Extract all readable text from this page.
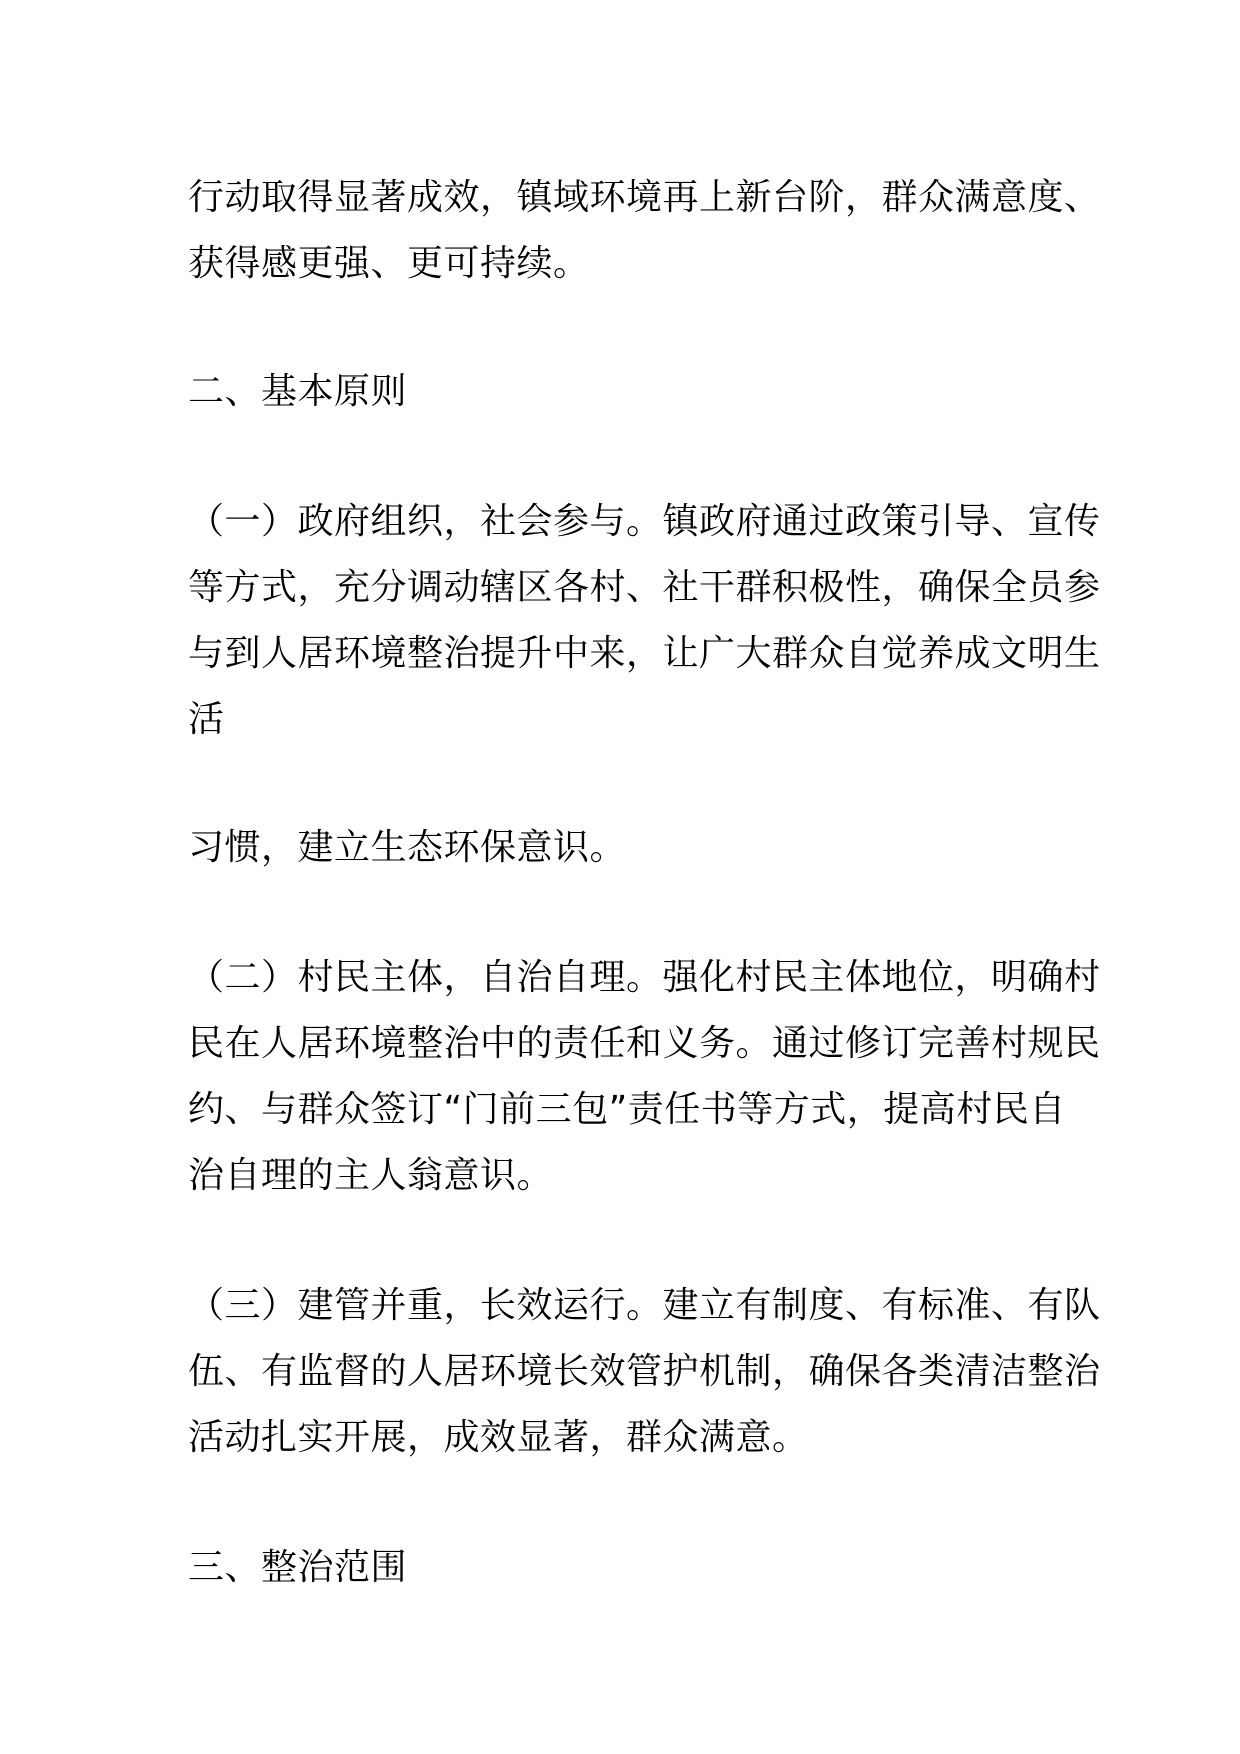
行动取得显著成效，镇域环境再上新台阶，群众满意度、
获得感更强、更可持续。
二、基本原则
（一）政府组织，社会参与。镇政府通过政策引导、宣传
等方式，充分调动辖区各村、社干群积极性，确保全员参
与到人居环境整治提升中来，让广大群众自觉养成文明生
活
习惯，建立生态环保意识。
（二）村民主体，自治自理。强化村民主体地位，明确村
民在人居环境整治中的责任和义务。通过修订完善村规民
约、与群众签订“门前三包”责任书等方式，提高村民自
治自理的主人翁意识。
（三）建管并重，长效运行。建立有制度、有标准、有队
伍、有监督的人居环境长效管护机制，确保各类清洁整治
活动扎实开展，成效显著，群众满意。
三、整治范围
